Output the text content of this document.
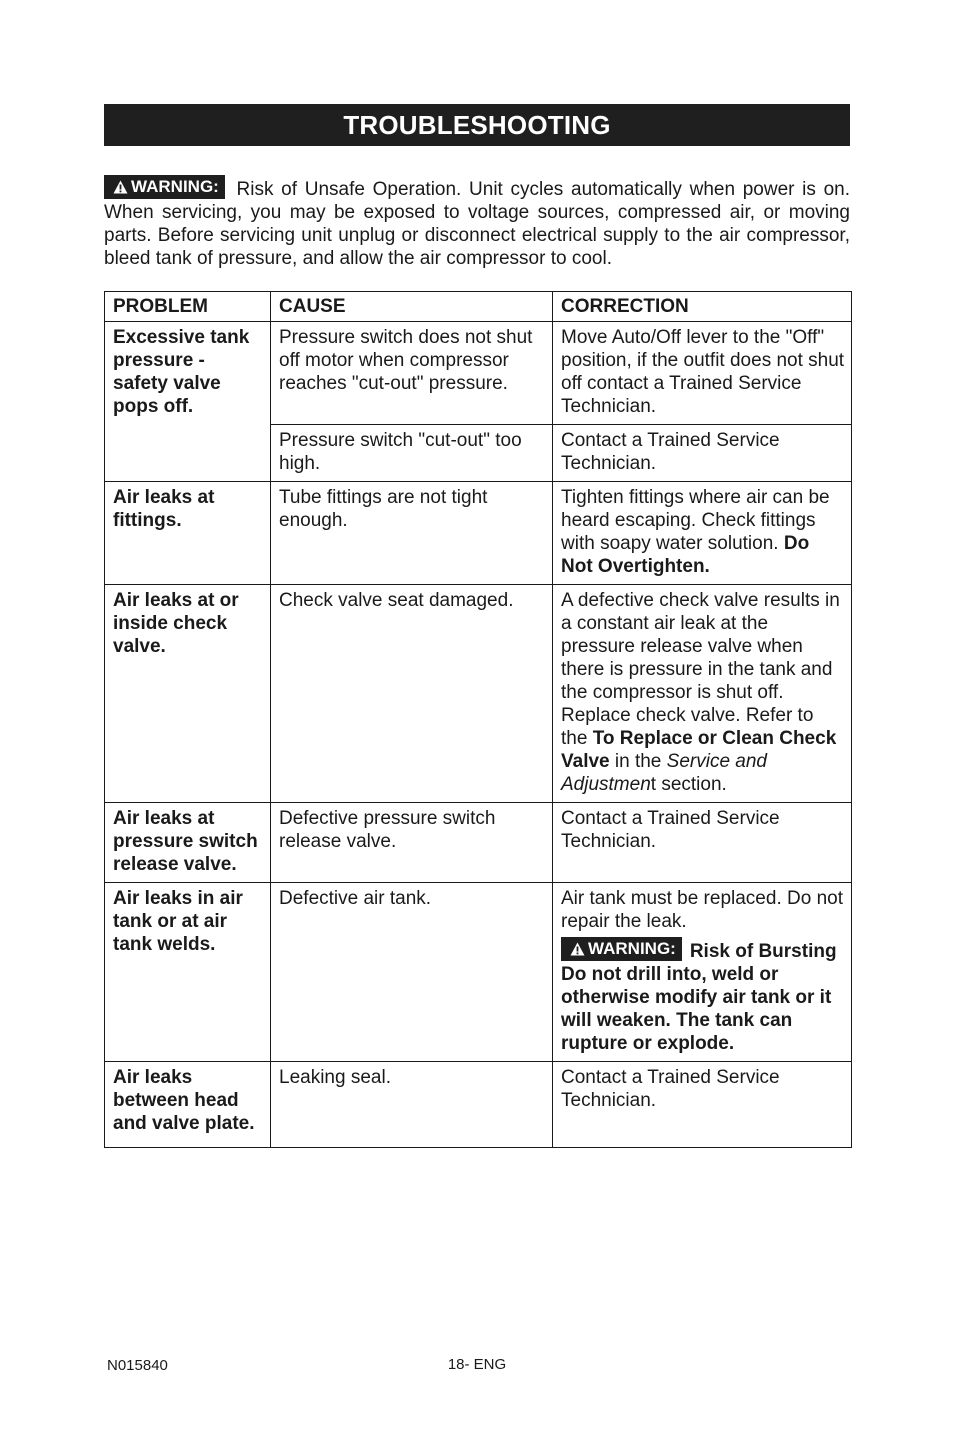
TROUBLESHOOTING

WARNING: Risk of Unsafe Operation. Unit cycles automatically when power is on. When servicing, you may be exposed to voltage sources, compressed air, or moving parts. Before servicing unit unplug or disconnect electrical supply to the air compressor, bleed tank of pressure, and allow the air compressor to cool.

PROBLEM	CAUSE	CORRECTION
Excessive tank pressure - safety valve pops off.	Pressure switch does not shut off motor when compressor reaches "cut-out" pressure.	Move Auto/Off lever to the "Off" position, if the outfit does not shut off contact a Trained Service Technician.
	Pressure switch "cut-out" too high.	Contact a Trained Service Technician.
Air leaks at fittings.	Tube fittings are not tight enough.	Tighten fittings where air can be heard escaping. Check fittings with soapy water solution. Do Not Overtighten.
Air leaks at or inside check valve.	Check valve seat damaged.	A defective check valve results in a constant air leak at the pressure release valve when there is pressure in the tank and the compressor is shut off. Replace check valve. Refer to the To Replace or Clean Check Valve in the Service and Adjustment section.
Air leaks at pressure switch release valve.	Defective pressure switch release valve.	Contact a Trained Service Technician.
Air leaks in air tank or at air tank welds.	Defective air tank.	Air tank must be replaced. Do not repair the leak.
WARNING: Risk of Bursting Do not drill into, weld or otherwise modify air tank or it will weaken. The tank can rupture or explode.

Air leaks between head and valve plate.	Leaking seal.	Contact a Trained Service Technician.
N015840	18- ENG
